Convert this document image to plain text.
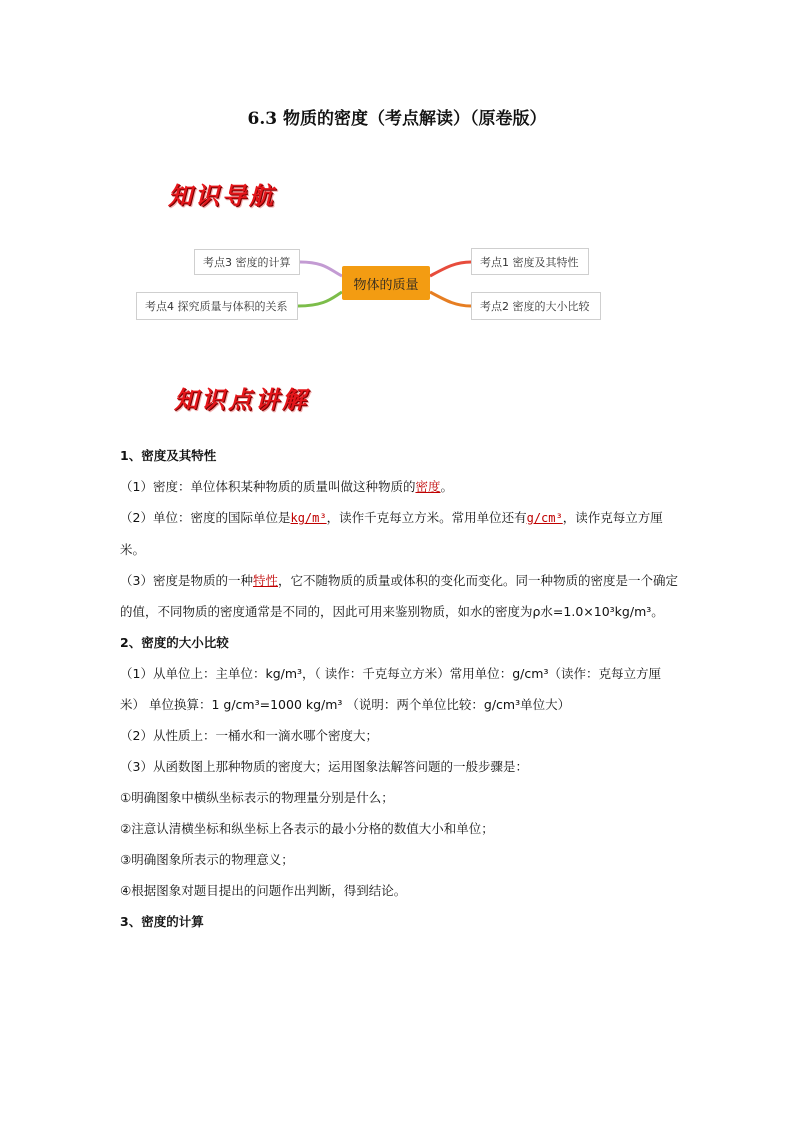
6.3 物质的密度（考点解读）（原卷版）
知识导航
考点3 密度的计算
考点4 探究质量与体积的关系
物体的质量
考点1 密度及其特性
考点2 密度的大小比较
知识点讲解

1、密度及其特性

（1）密度：单位体积某种物质的质量叫做这种物质的密度。

（2）单位：密度的国际单位是kg/m³，读作千克每立方米。常用单位还有g/cm³，读作克每立方厘米。

（3）密度是物质的一种特性，它不随物质的质量或体积的变化而变化。同一种物质的密度是一个确定的值，不同物质的密度通常是不同的，因此可用来鉴别物质，如水的密度为ρ水=1.0×10³kg/m³。

2、密度的大小比较

（1）从单位上：主单位：kg/m³，（ 读作：千克每立方米）常用单位：g/cm³（读作：克每立方厘米） 单位换算：1 g/cm³=1000 kg/m³ （说明：两个单位比较：g/cm³单位大）

（2）从性质上：一桶水和一滴水哪个密度大；

（3）从函数图上那种物质的密度大；运用图象法解答问题的一般步骤是：

①明确图象中横纵坐标表示的物理量分别是什么；

②注意认清横坐标和纵坐标上各表示的最小分格的数值大小和单位；

③明确图象所表示的物理意义；

④根据图象对题目提出的问题作出判断，得到结论。

3、密度的计算
